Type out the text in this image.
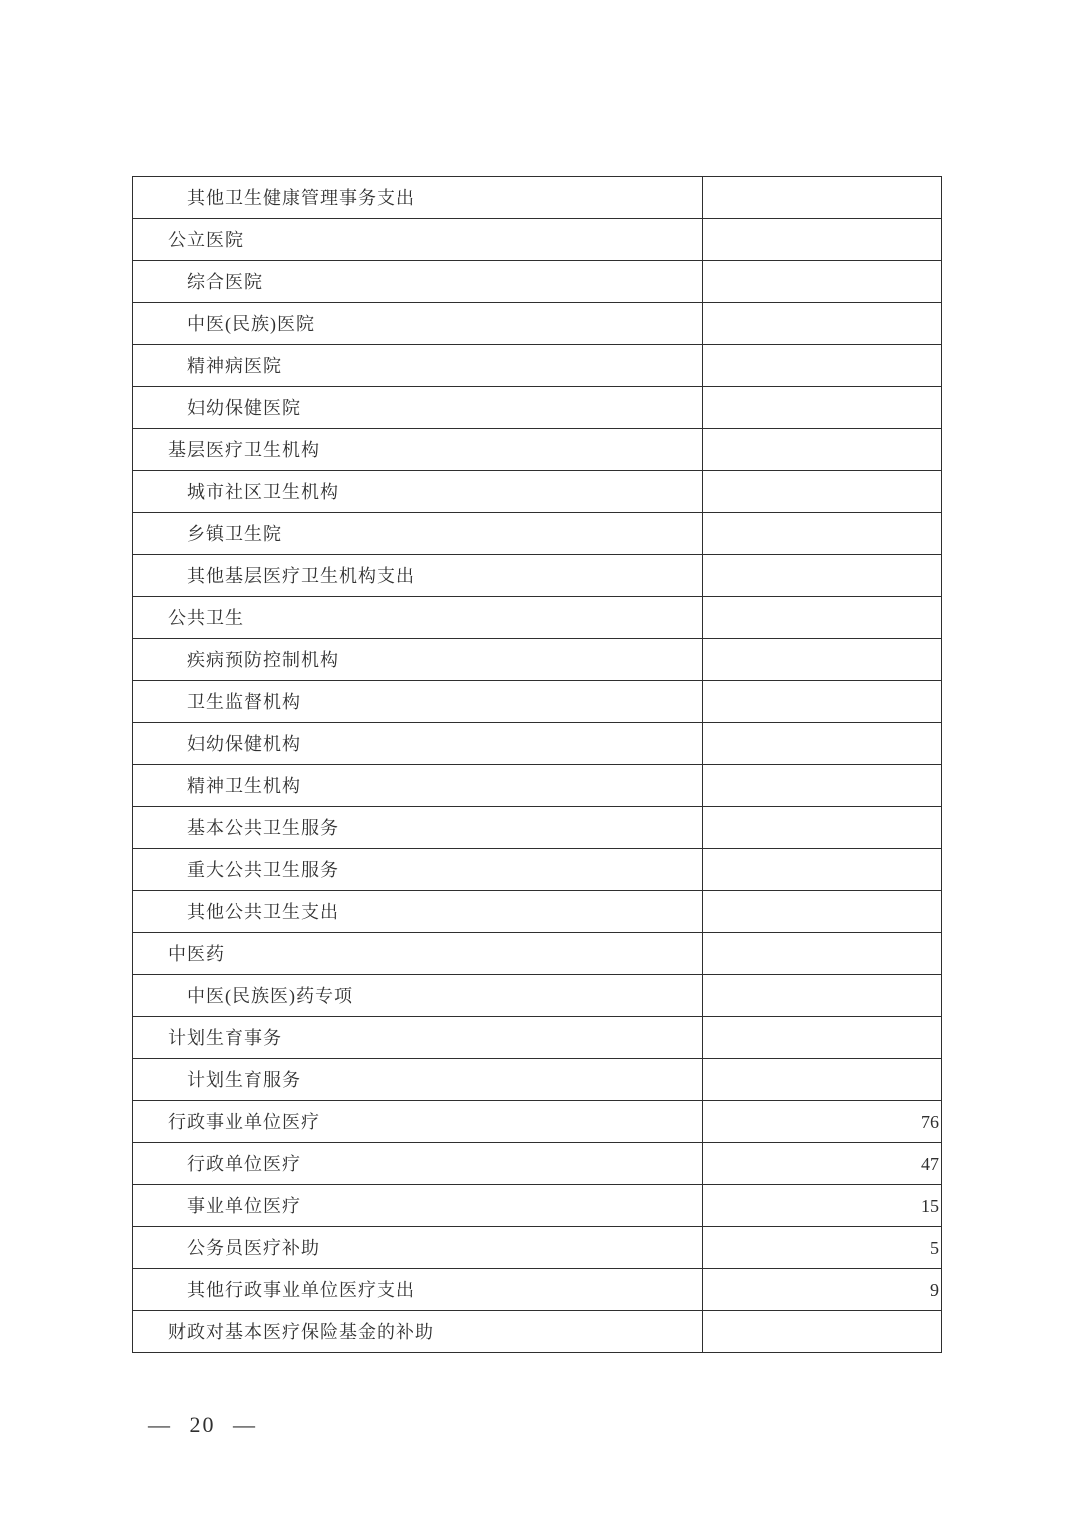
其他卫生健康管理事务支出
公立医院
综合医院
中医(民族)医院
精神病医院
妇幼保健医院
基层医疗卫生机构
城市社区卫生机构
乡镇卫生院
其他基层医疗卫生机构支出
公共卫生
疾病预防控制机构
卫生监督机构
妇幼保健机构
精神卫生机构
基本公共卫生服务
重大公共卫生服务
其他公共卫生支出
中医药
中医(民族医)药专项
计划生育事务
计划生育服务
行政事业单位医疗	76
行政单位医疗	47
事业单位医疗	15
公务员医疗补助	5
其他行政事业单位医疗支出	9
财政对基本医疗保险基金的补助
— 20 —
